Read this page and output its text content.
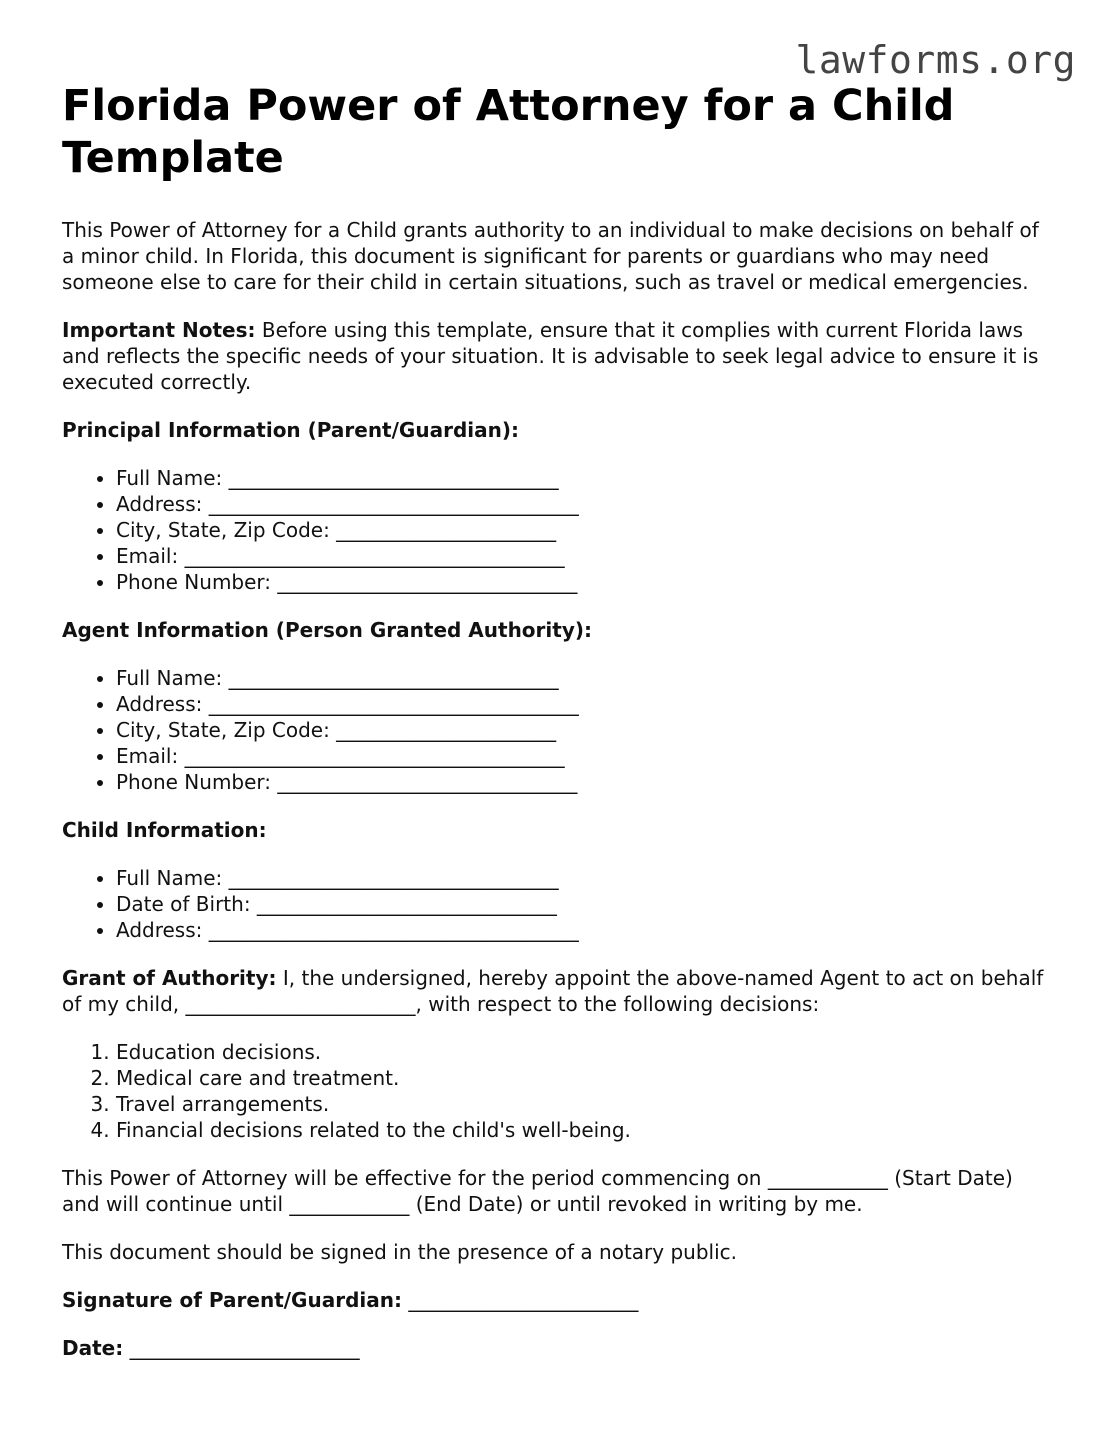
lawforms.org
Florida Power of Attorney for a Child Template

This Power of Attorney for a Child grants authority to an individual to make decisions on behalf of a minor child. In Florida, this document is significant for parents or guardians who may need someone else to care for their child in certain situations, such as travel or medical emergencies.

Important Notes: Before using this template, ensure that it complies with current Florida laws and reflects the specific needs of your situation. It is advisable to seek legal advice to ensure it is executed correctly.

Principal Information (Parent/Guardian):

• Full Name: _________________________________
• Address: _____________________________________
• City, State, Zip Code: ______________________
• Email: ______________________________________
• Phone Number: ______________________________

Agent Information (Person Granted Authority):

• Full Name: _________________________________
• Address: _____________________________________
• City, State, Zip Code: ______________________
• Email: ______________________________________
• Phone Number: ______________________________

Child Information:

• Full Name: _________________________________
• Date of Birth: ______________________________
• Address: _____________________________________

Grant of Authority: I, the undersigned, hereby appoint the above-named Agent to act on behalf of my child, _______________________, with respect to the following decisions:

1. Education decisions.
2. Medical care and treatment.
3. Travel arrangements.
4. Financial decisions related to the child's well-being.

This Power of Attorney will be effective for the period commencing on ____________ (Start Date) and will continue until ____________ (End Date) or until revoked in writing by me.

This document should be signed in the presence of a notary public.

Signature of Parent/Guardian: _______________________

Date: _______________________
